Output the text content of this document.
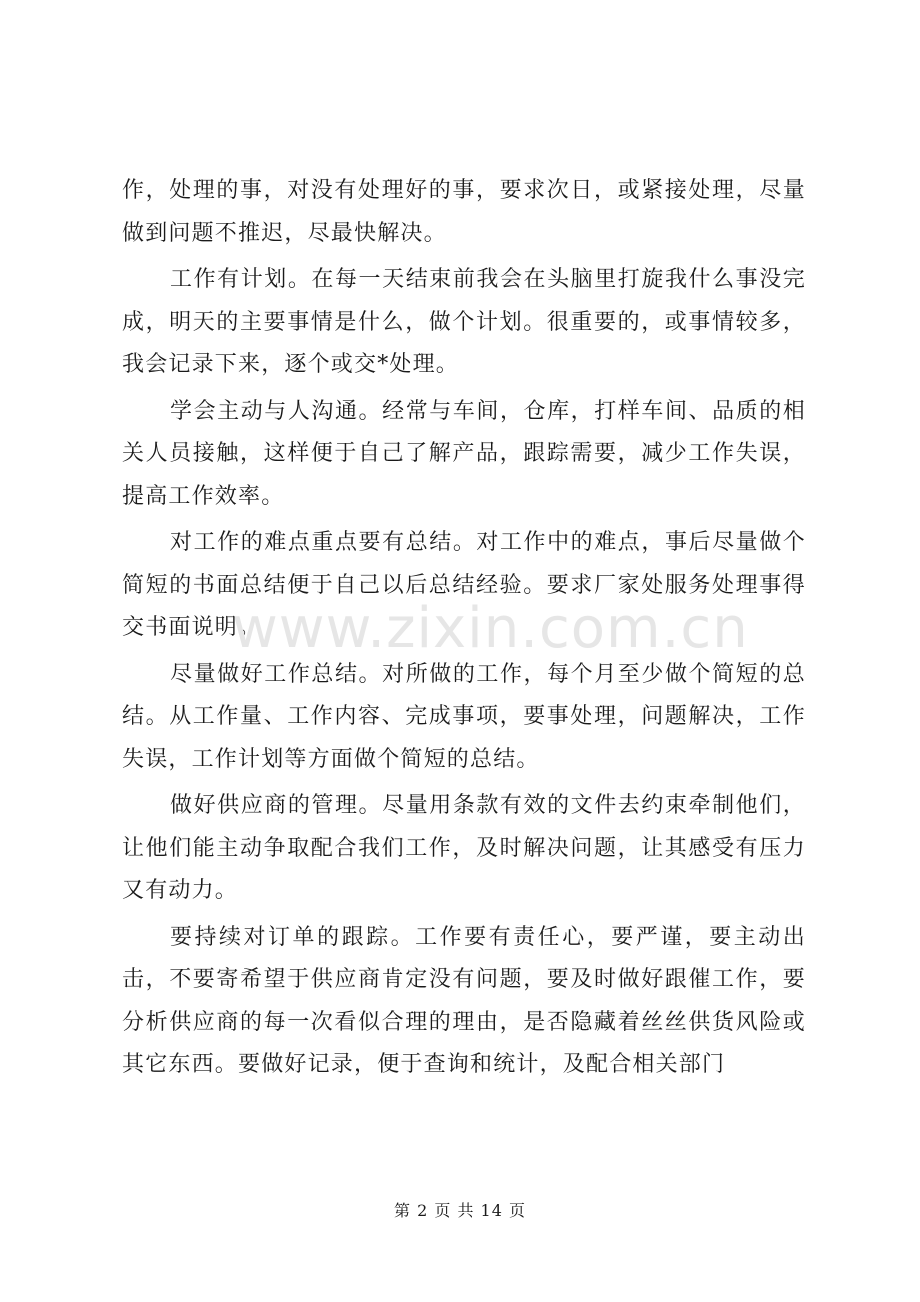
作，处理的事，对没有处理好的事，要求次日，或紧接处理，尽量做到问题不推迟，尽最快解决。

工作有计划。在每一天结束前我会在头脑里打旋我什么事没完成，明天的主要事情是什么，做个计划。很重要的，或事情较多，我会记录下来，逐个或交*处理。

学会主动与人沟通。经常与车间，仓库，打样车间、品质的相关人员接触，这样便于自己了解产品，跟踪需要，减少工作失误，提高工作效率。

对工作的难点重点要有总结。对工作中的难点，事后尽量做个简短的书面总结便于自己以后总结经验。要求厂家处服务处理事得交书面说明。

尽量做好工作总结。对所做的工作，每个月至少做个简短的总结。从工作量、工作内容、完成事项，要事处理，问题解决，工作失误，工作计划等方面做个简短的总结。

做好供应商的管理。尽量用条款有效的文件去约束牵制他们，让他们能主动争取配合我们工作，及时解决问题，让其感受有压力又有动力。

要持续对订单的跟踪。工作要有责任心，要严谨，要主动出击，不要寄希望于供应商肯定没有问题，要及时做好跟催工作，要分析供应商的每一次看似合理的理由，是否隐藏着丝丝供货风险或其它东西。要做好记录，便于查询和统计，及配合相关部门

www.zixin.com.cn
第 2 页 共 14 页
